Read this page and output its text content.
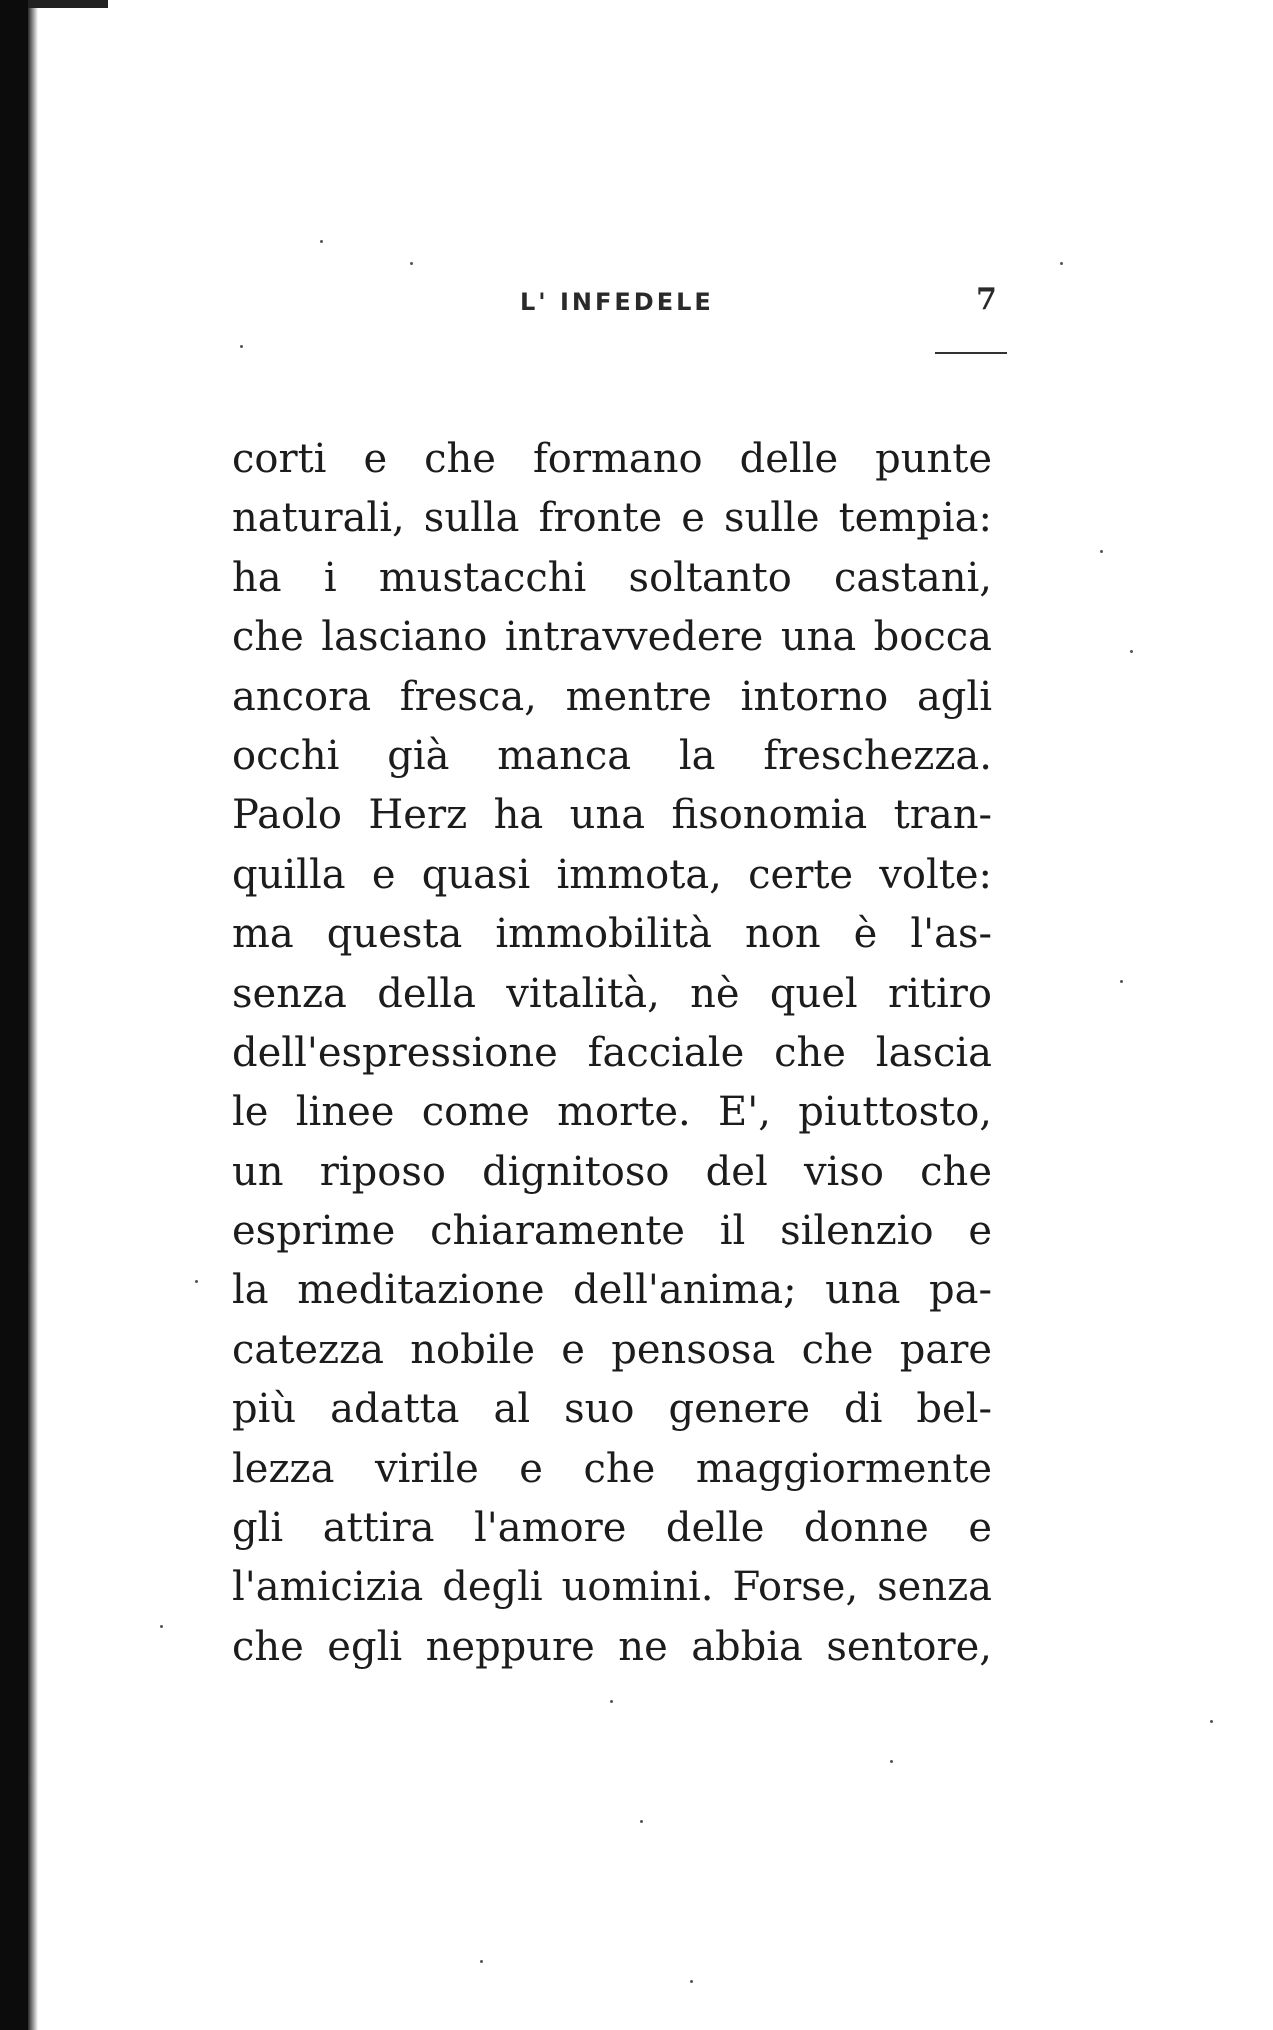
L' INFEDELE	7
corti e che formano delle punte
naturali, sulla fronte e sulle tempia:
ha i mustacchi soltanto castani,
che lasciano intravvedere una bocca
ancora fresca, mentre intorno agli
occhi già manca la freschezza.
Paolo Herz ha una fisonomia tran-
quilla e quasi immota, certe volte:
ma questa immobilità non è l'as-
senza della vitalità, nè quel ritiro
dell'espressione facciale che lascia
le linee come morte. E', piuttosto,
un riposo dignitoso del viso che
esprime chiaramente il silenzio e
la meditazione dell'anima; una pa-
catezza nobile e pensosa che pare
più adatta al suo genere di bel-
lezza virile e che maggiormente
gli attira l'amore delle donne e
l'amicizia degli uomini. Forse, senza
che egli neppure ne abbia sentore,
